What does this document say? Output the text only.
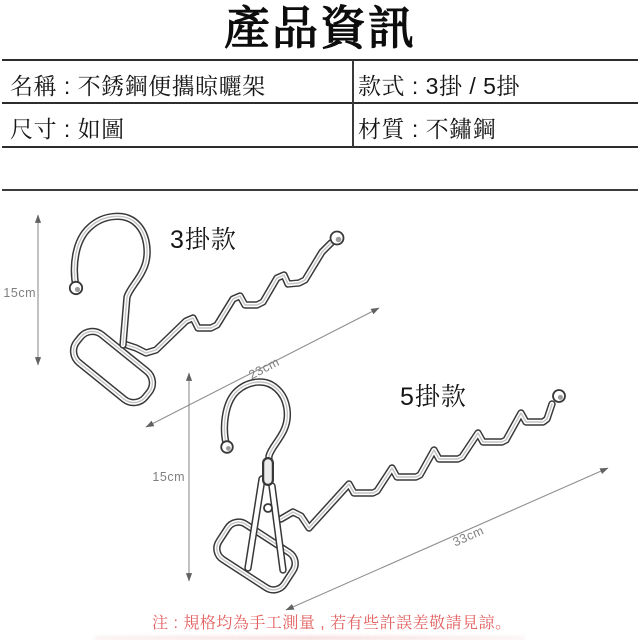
產品資訊
名稱 : 不銹鋼便攜晾曬架	款式 : 3掛 / 5掛
尺寸 : 如圖	材質 : 不鏽鋼
3掛款
5掛款
15cm
23cm
15cm
33cm
注 : 規格均為手工測量 , 若有些許誤差敬請見諒。
